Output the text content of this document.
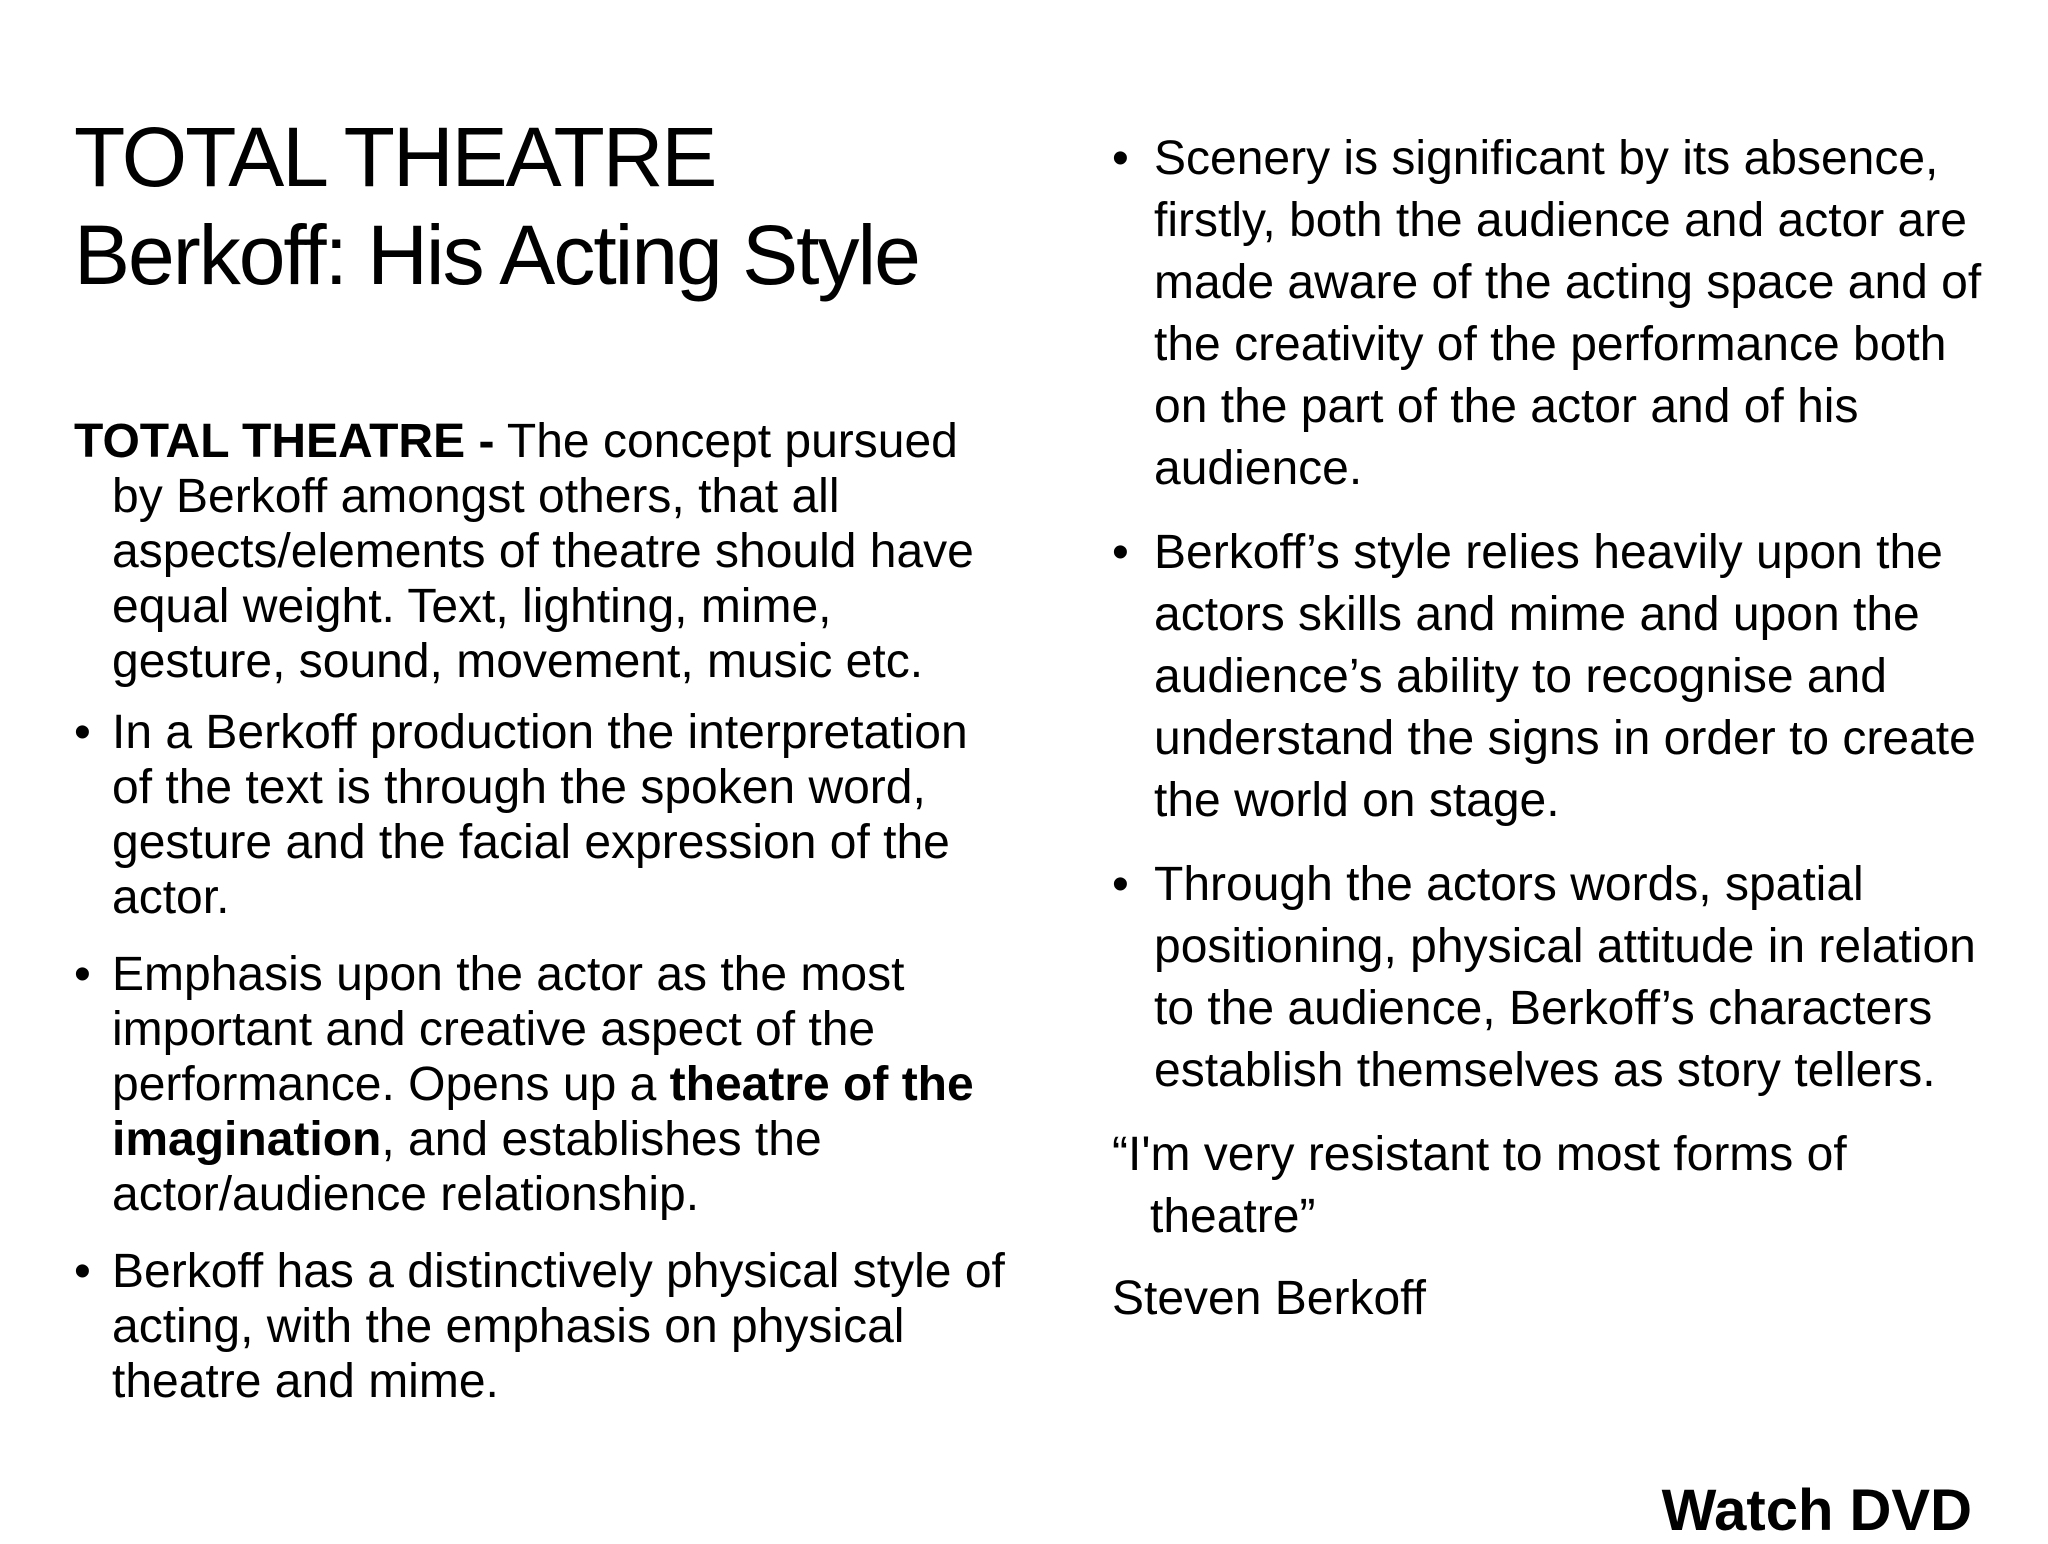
TOTAL THEATRE
Berkoff: His Acting Style

TOTAL THEATRE - The concept pursued by Berkoff amongst others, that all aspects/elements of theatre should have equal weight. Text, lighting, mime, gesture, sound, movement, music etc.

• In a Berkoff production the interpretation of the text is through the spoken word, gesture and the facial expression of the actor.
• Emphasis upon the actor as the most important and creative aspect of the performance. Opens up a theatre of the imagination, and establishes the actor/audience relationship.
• Berkoff has a distinctively physical style of acting, with the emphasis on physical theatre and mime.
• Scenery is significant by its absence, firstly, both the audience and actor are made aware of the acting space and of the creativity of the performance both on the part of the actor and of his audience.
• Berkoff’s style relies heavily upon the actors skills and mime and upon the audience’s ability to recognise and understand the signs in order to create the world on stage.
• Through the actors words, spatial positioning, physical attitude in relation to the audience, Berkoff’s characters establish themselves as story tellers.

“I'm very resistant to most forms of theatre”

Steven Berkoff

Watch DVD
